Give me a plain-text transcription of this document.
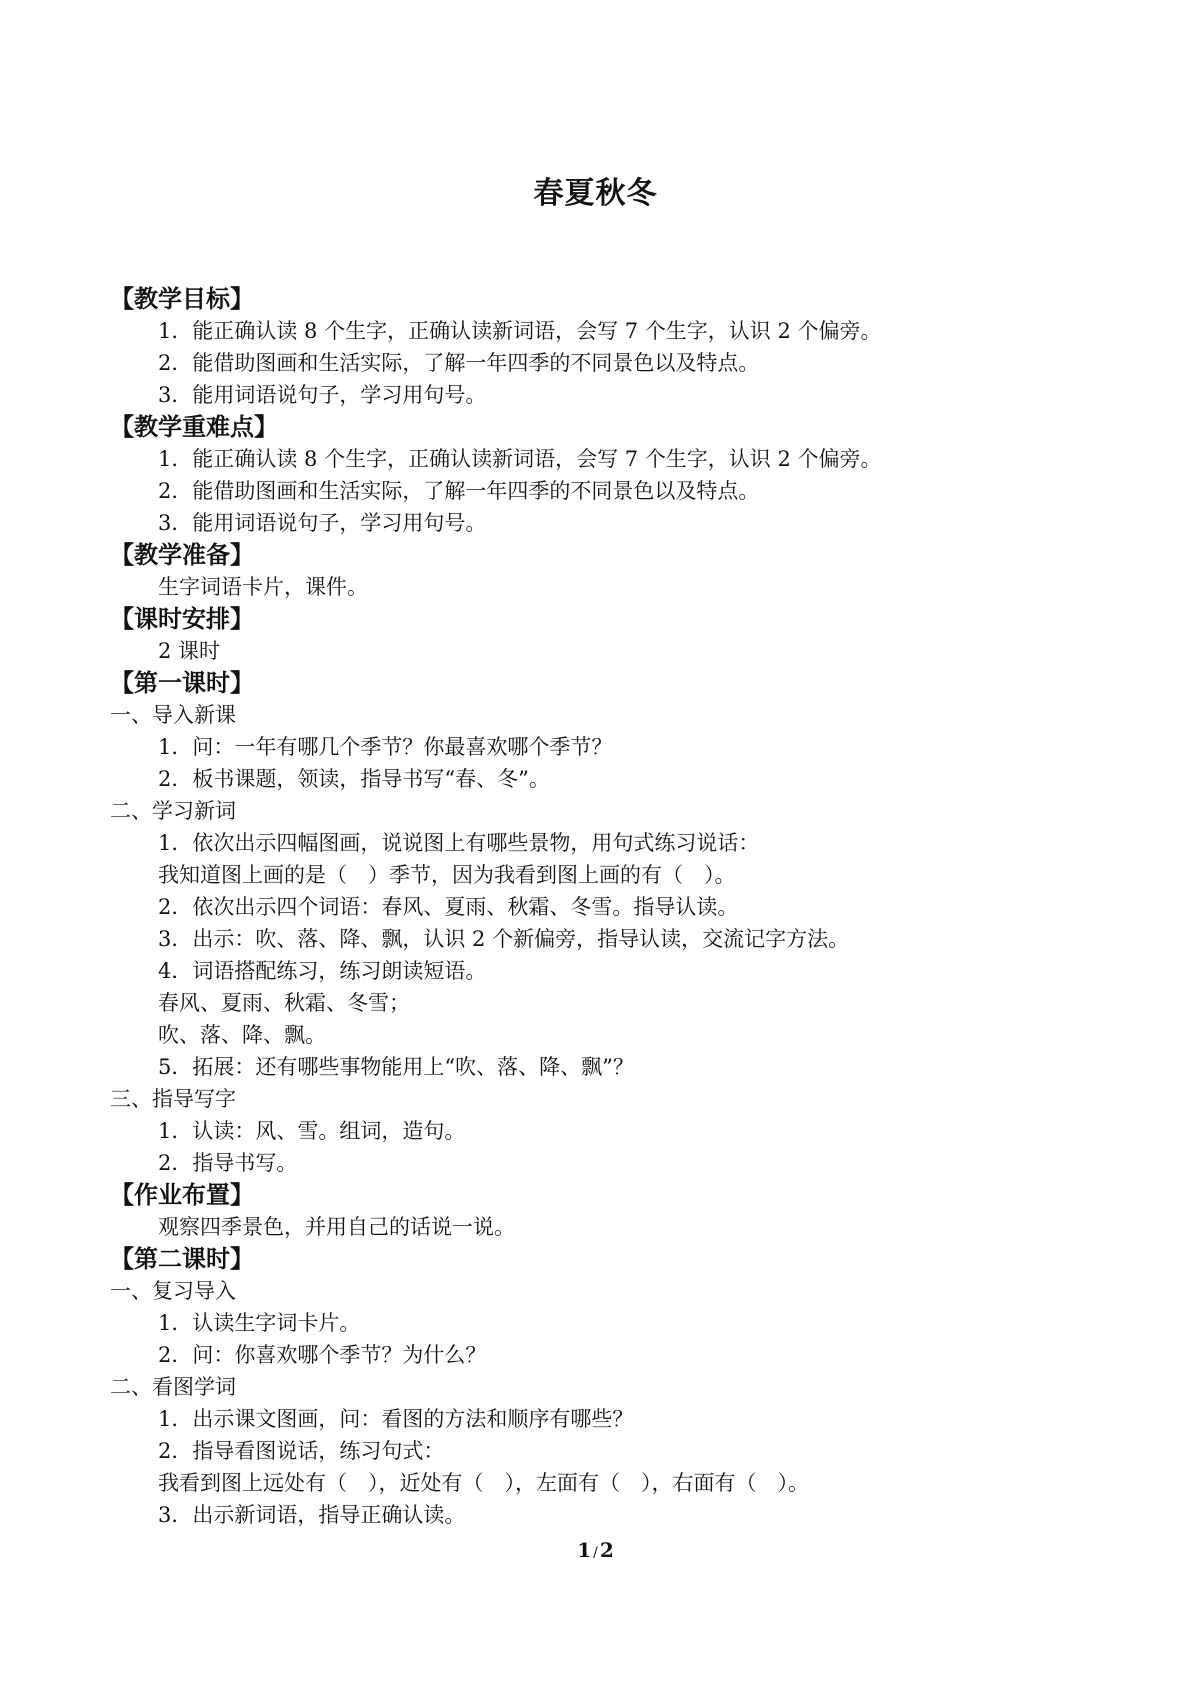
春夏秋冬
【教学目标】
1．能正确认读 8 个生字，正确认读新词语，会写 7 个生字，认识 2 个偏旁。
2．能借助图画和生活实际，了解一年四季的不同景色以及特点。
3．能用词语说句子，学习用句号。
【教学重难点】
1．能正确认读 8 个生字，正确认读新词语，会写 7 个生字，认识 2 个偏旁。
2．能借助图画和生活实际，了解一年四季的不同景色以及特点。
3．能用词语说句子，学习用句号。
【教学准备】
生字词语卡片，课件。
【课时安排】
2 课时
【第一课时】
一、导入新课
1．问：一年有哪几个季节？你最喜欢哪个季节？
2．板书课题，领读，指导书写“春、冬”。
二、学习新词
1．依次出示四幅图画，说说图上有哪些景物，用句式练习说话：
我知道图上画的是（　）季节，因为我看到图上画的有（　）。
2．依次出示四个词语：春风、夏雨、秋霜、冬雪。指导认读。
3．出示：吹、落、降、飘，认识 2 个新偏旁，指导认读，交流记字方法。
4．词语搭配练习，练习朗读短语。
春风、夏雨、秋霜、冬雪；
吹、落、降、飘。
5．拓展：还有哪些事物能用上“吹、落、降、飘”？
三、指导写字
1．认读：风、雪。组词，造句。
2．指导书写。
【作业布置】
观察四季景色，并用自己的话说一说。
【第二课时】
一、复习导入
1．认读生字词卡片。
2．问：你喜欢哪个季节？为什么？
二、看图学词
1．出示课文图画，问：看图的方法和顺序有哪些？
2．指导看图说话，练习句式：
我看到图上远处有（　），近处有（　），左面有（　），右面有（　）。
3．出示新词语，指导正确认读。
1 / 2
